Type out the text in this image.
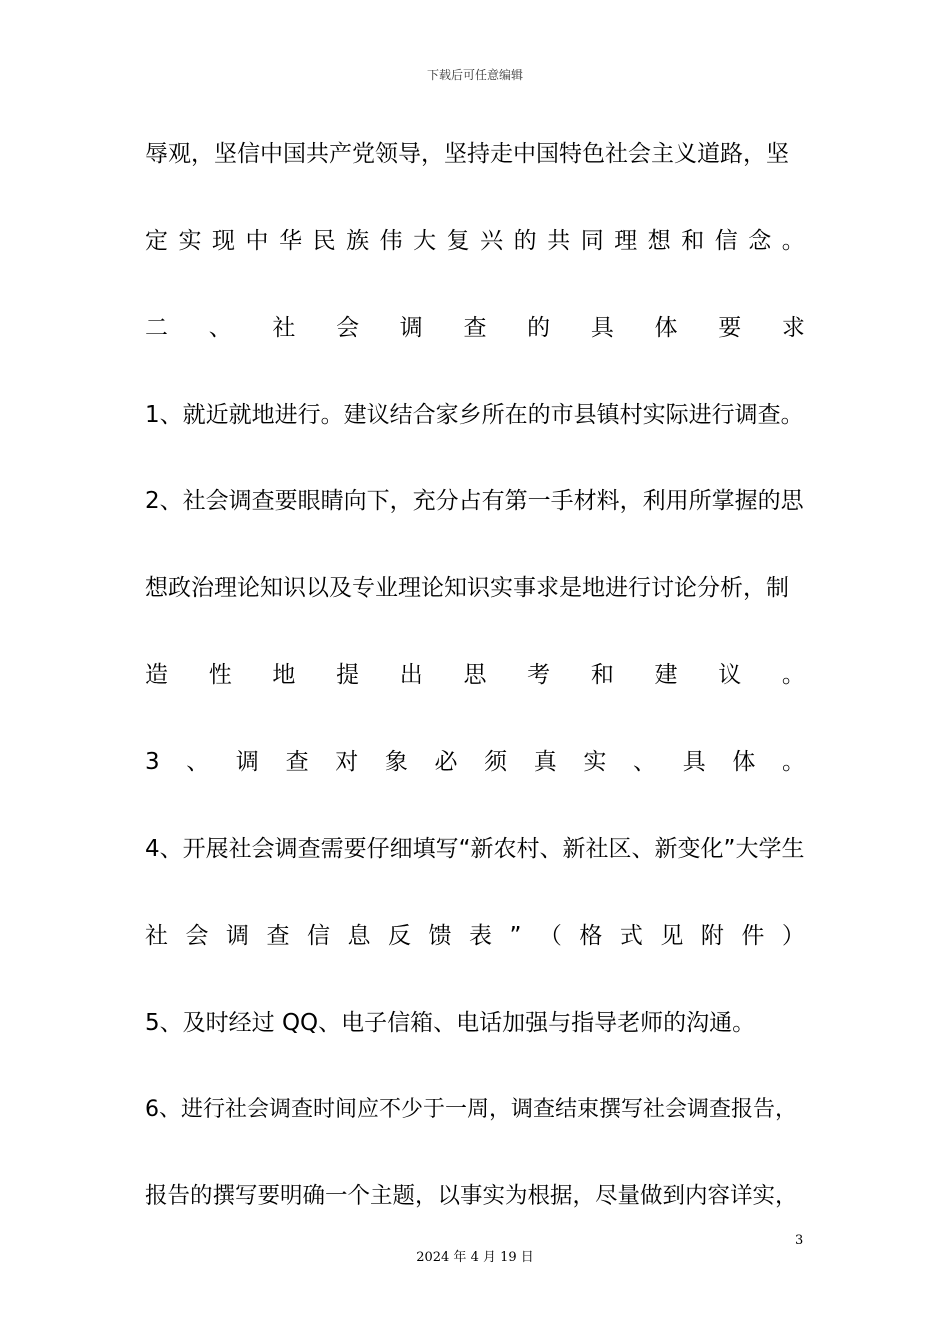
下载后可任意编辑
辱观，坚信中国共产党领导，坚持走中国特色社会主义道路，坚
定 实 现 中 华 民 族 伟 大 复 兴 的 共 同 理 想 和 信 念 。
二 、 社 会 调 查 的 具 体 要 求
1、就近就地进行。建议结合家乡所在的市县镇村实际进行调查。
2、社会调查要眼睛向下，充分占有第一手材料，利用所掌握的思
想政治理论知识以及专业理论知识实事求是地进行讨论分析，制
造 性 地 提 出 思 考 和 建 议 。
3 、 调 查 对 象 必 须 真 实 、 具 体 。
4、开展社会调查需要仔细填写“新农村、新社区、新变化”大学生
社 会 调 查 信 息 反 馈 表 ” （ 格 式 见 附 件 ）
5、及时经过 QQ、电子信箱、电话加强与指导老师的沟通。
6、进行社会调查时间应不少于一周，调查结束撰写社会调查报告，
报告的撰写要明确一个主题，以事实为根据，尽量做到内容详实，
3
2024 年 4 月 19 日
